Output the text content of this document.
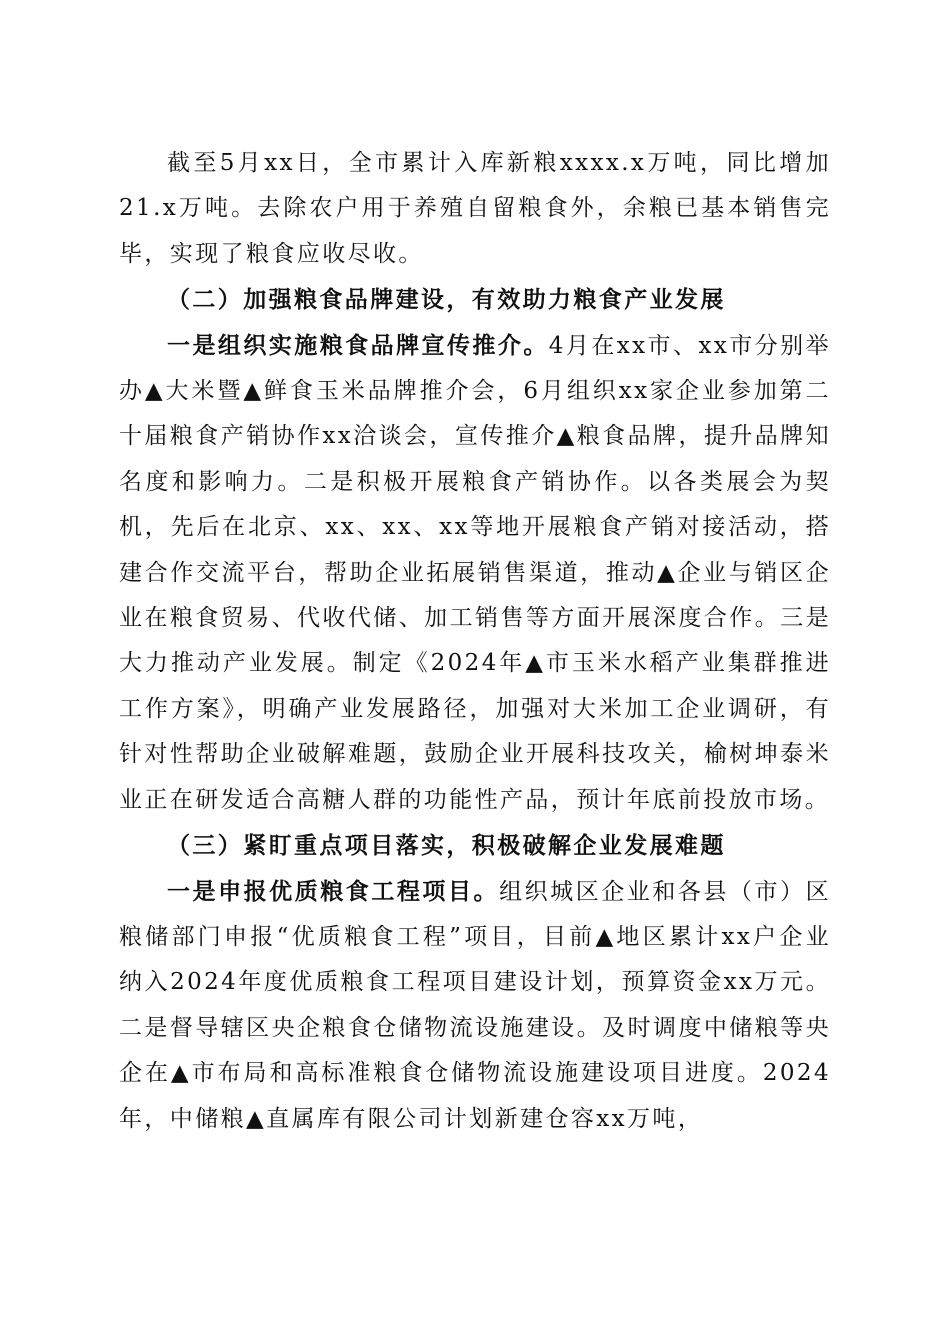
截至5月xx日，全市累计入库新粮xxxx.x万吨，同比增加21.x万吨。去除农户用于养殖自留粮食外，余粮已基本销售完毕，实现了粮食应收尽收。

（二）加强粮食品牌建设，有效助力粮食产业发展

一是组织实施粮食品牌宣传推介。4月在xx市、xx市分别举办▲大米暨▲鲜食玉米品牌推介会，6月组织xx家企业参加第二十届粮食产销协作xx洽谈会，宣传推介▲粮食品牌，提升品牌知名度和影响力。二是积极开展粮食产销协作。以各类展会为契机，先后在北京、xx、xx、xx等地开展粮食产销对接活动，搭建合作交流平台，帮助企业拓展销售渠道，推动▲企业与销区企业在粮食贸易、代收代储、加工销售等方面开展深度合作。三是大力推动产业发展。制定《2024年▲市玉米水稻产业集群推进工作方案》，明确产业发展路径，加强对大米加工企业调研，有针对性帮助企业破解难题，鼓励企业开展科技攻关，榆树坤泰米业正在研发适合高糖人群的功能性产品，预计年底前投放市场。

（三）紧盯重点项目落实，积极破解企业发展难题

一是申报优质粮食工程项目。组织城区企业和各县（市）区粮储部门申报“优质粮食工程”项目，目前▲地区累计xx户企业纳入2024年度优质粮食工程项目建设计划，预算资金xx万元。二是督导辖区央企粮食仓储物流设施建设。及时调度中储粮等央企在▲市布局和高标准粮食仓储物流设施建设项目进度。2024年，中储粮▲直属库有限公司计划新建仓容xx万吨，
